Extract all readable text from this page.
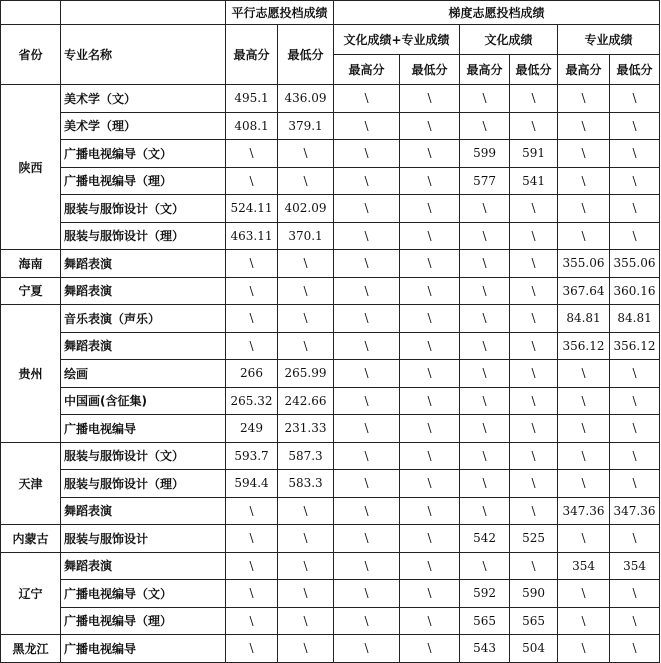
		平行志愿投档成绩		梯度志愿投档成绩					
省份	专业名称	最高分	最低分	文化成绩+专业成绩		文化成绩		专业成绩	
				最高分	最低分	最高分	最低分	最高分	最低分
陕西	美术学（文）	495.1	436.09	\	\	\	\	\	\
	美术学（理）	408.1	379.1	\	\	\	\	\	\
	广播电视编导（文）	\	\	\	\	599	591	\	\
	广播电视编导（理）	\	\	\	\	577	541	\	\
	服装与服饰设计（文）	524.11	402.09	\	\	\	\	\	\
	服装与服饰设计（理）	463.11	370.1	\	\	\	\	\	\
海南	舞蹈表演	\	\	\	\	\	\	355.06	355.06
宁夏	舞蹈表演	\	\	\	\	\	\	367.64	360.16
贵州	音乐表演（声乐）	\	\	\	\	\	\	84.81	84.81
	舞蹈表演	\	\	\	\	\	\	356.12	356.12
	绘画	266	265.99	\	\	\	\	\	\
	中国画(含征集)	265.32	242.66	\	\	\	\	\	\
	广播电视编导	249	231.33	\	\	\	\	\	\
天津	服装与服饰设计（文）	593.7	587.3	\	\	\	\	\	\
	服装与服饰设计（理）	594.4	583.3	\	\	\	\	\	\
	舞蹈表演	\	\	\	\	\	\	347.36	347.36
内蒙古	服装与服饰设计	\	\	\	\	542	525	\	\
辽宁	舞蹈表演	\	\	\	\	\	\	354	354
	广播电视编导（文）	\	\	\	\	592	590	\	\
	广播电视编导（理）	\	\	\	\	565	565	\	\
黑龙江	广播电视编导	\	\	\	\	543	504	\	\
